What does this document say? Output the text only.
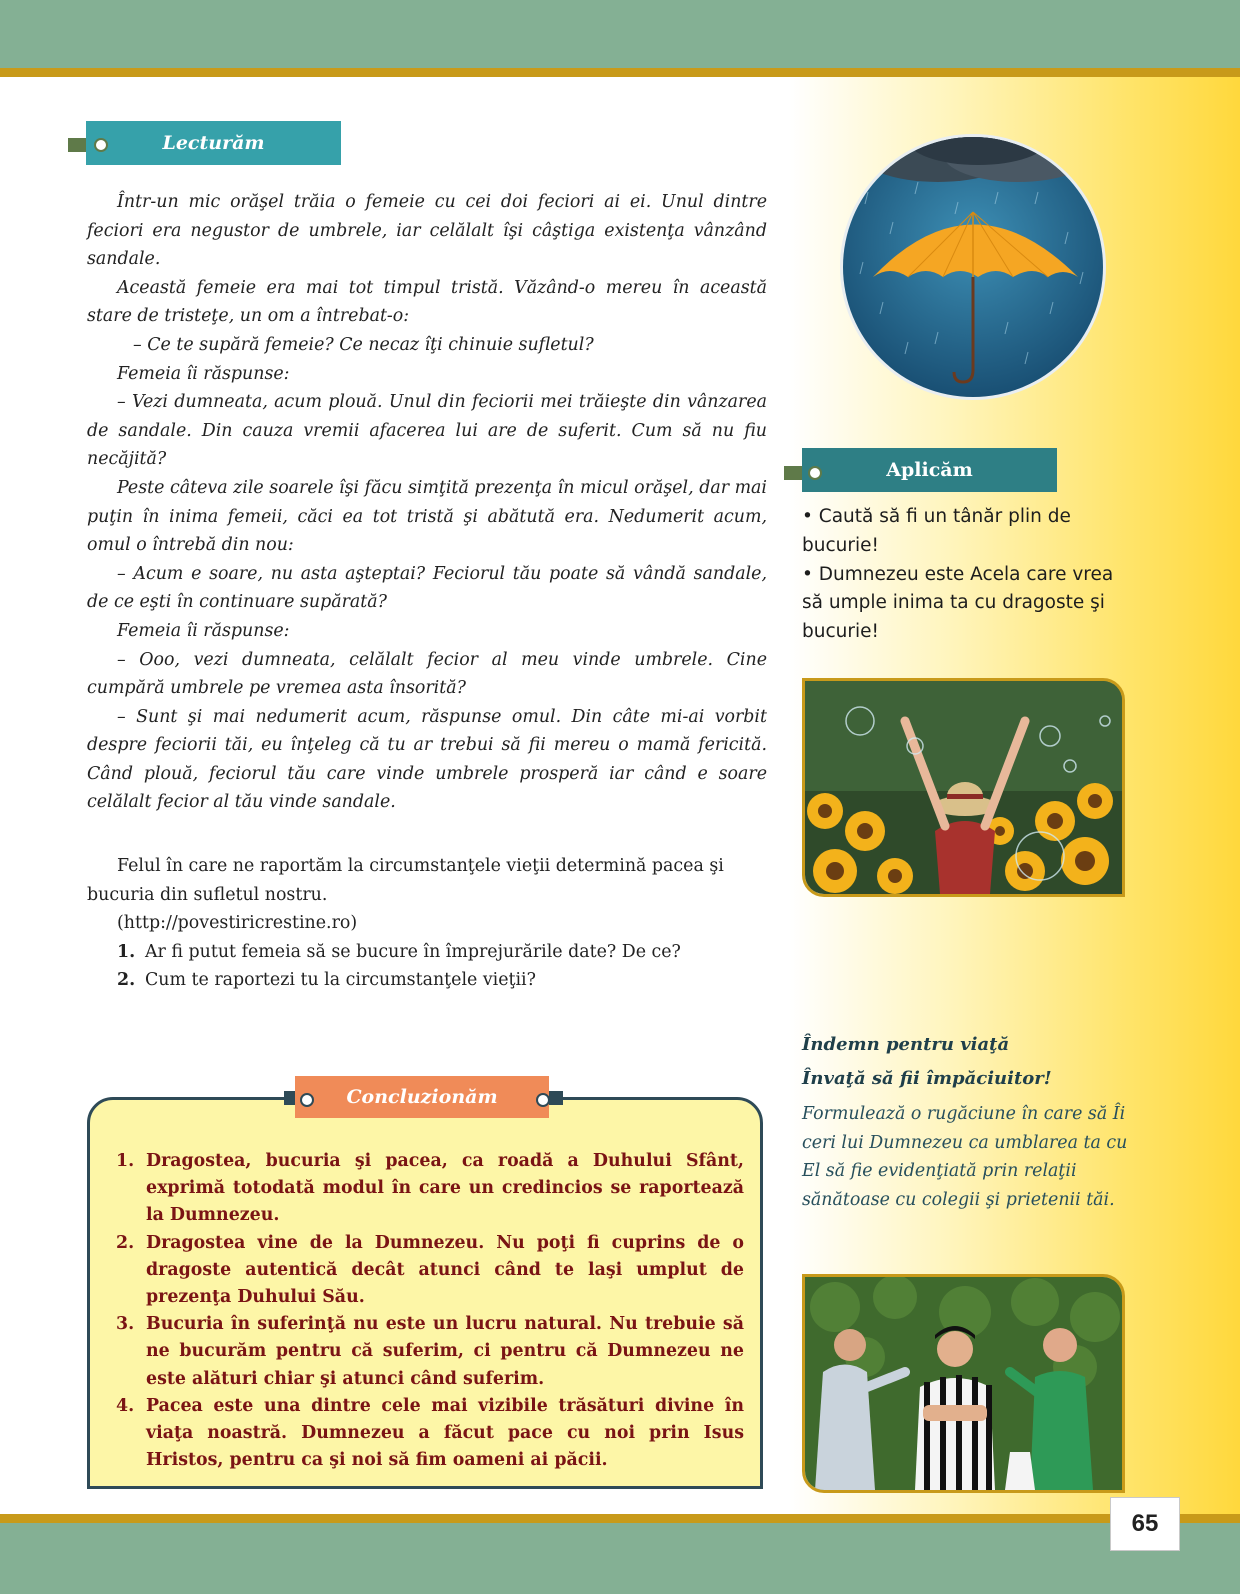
Lecturăm

Într-un mic orăşel trăia o femeie cu cei doi feciori ai ei. Unul dintre feciori era negustor de umbrele, iar celălalt îşi câştiga existenţa vânzând sandale.

Această femeie era mai tot timpul tristă. Văzând-o mereu în această stare de tristeţe, un om a întrebat-o:

– Ce te supără femeie? Ce necaz îţi chinuie sufletul?

Femeia îi răspunse:

– Vezi dumneata, acum plouă. Unul din feciorii mei trăieşte din vânzarea de sandale. Din cauza vremii afacerea lui are de suferit. Cum să nu fiu necăjită?

Peste câteva zile soarele îşi făcu simţită prezenţa în micul orăşel, dar mai puţin în inima femeii, căci ea tot tristă şi abătută era. Nedumerit acum, omul o întrebă din nou:

– Acum e soare, nu asta aşteptai? Feciorul tău poate să vândă sandale, de ce eşti în continuare supărată?

Femeia îi răspunse:

– Ooo, vezi dumneata, celălalt fecior al meu vinde umbrele. Cine cumpără umbrele pe vremea asta însorită?

– Sunt şi mai nedumerit acum, răspunse omul. Din câte mi-ai vorbit despre feciorii tăi, eu înţeleg că tu ar trebui să fii mereu o mamă fericită. Când plouă, feciorul tău care vinde umbrele prosperă iar când e soare celălalt fecior al tău vinde sandale.

Felul în care ne raportăm la circumstanţele vieţii determină pacea şi bucuria din sufletul nostru.

(http://povestiricrestine.ro)

1. Ar fi putut femeia să se bucure în împrejurările date? De ce?
2. Cum te raportezi tu la circumstanţele vieţii?
Concluzionăm
1. Dragostea, bucuria şi pacea, ca roadă a Duhului Sfânt, exprimă totodată modul în care un credincios se raportează la Dumnezeu.
2. Dragostea vine de la Dumnezeu. Nu poţi fi cuprins de o dragoste autentică decât atunci când te laşi umplut de prezenţa Duhului Său.
3. Bucuria în suferinţă nu este un lucru natural. Nu trebuie să ne bucurăm pentru că suferim, ci pentru că Dumnezeu ne este alături chiar şi atunci când suferim.
4. Pacea este una dintre cele mai vizibile trăsături divine în viaţa noastră. Dumnezeu a făcut pace cu noi prin Isus Hristos, pentru ca şi noi să fim oameni ai păcii.
Aplicăm

• Caută să fi un tânăr plin de bucurie!

• Dumnezeu este Acela care vrea să umple inima ta cu dragoste şi bucurie!

Îndemn pentru viaţă
Învaţă să fii împăciuitor!

Formulează o rugăciune în care să Îi ceri lui Dumnezeu ca umblarea ta cu El să fie evidenţiată prin relaţii sănătoase cu colegii şi prietenii tăi.

65
